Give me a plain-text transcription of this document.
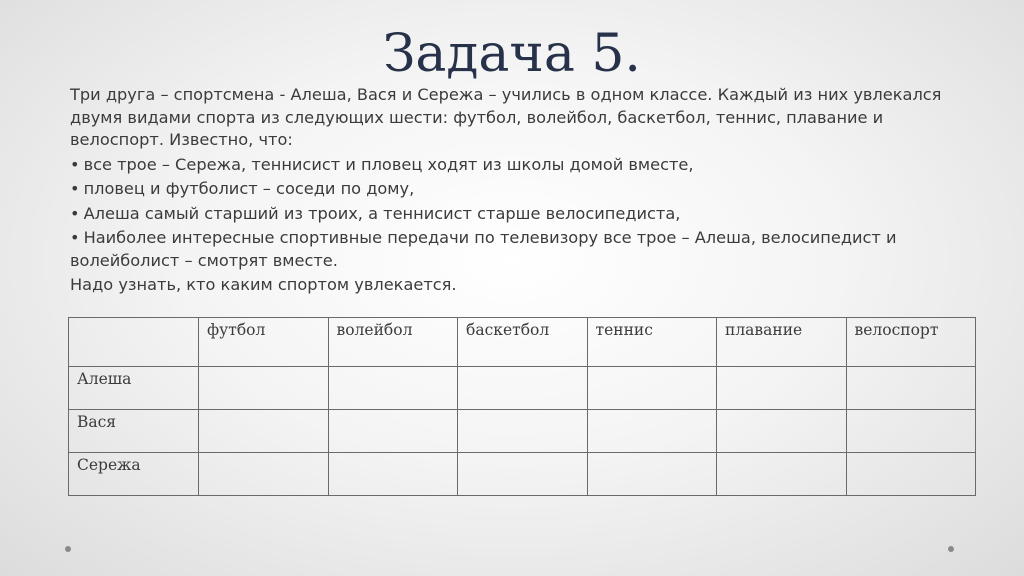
Задача 5.

Три друга – спортсмена - Алеша, Вася и Сережа – учились в одном классе. Каждый из них увлекался двумя видами спорта из следующих шести: футбол, волейбол, баскетбол, теннис, плавание и велоспорт. Известно, что:

• все трое – Сережа, теннисист и пловец ходят из школы домой вместе,

• пловец и футболист – соседи по дому,

• Алеша самый старший из троих, а теннисист старше велосипедиста,

• Наиболее интересные спортивные передачи по телевизору все трое – Алеша, велосипедист и волейболист – смотрят вместе.

Надо узнать, кто каким спортом увлекается.

	футбол	волейбол	баскетбол	теннис	плавание	велоспорт
Алеша						
Вася						
Сережа						
